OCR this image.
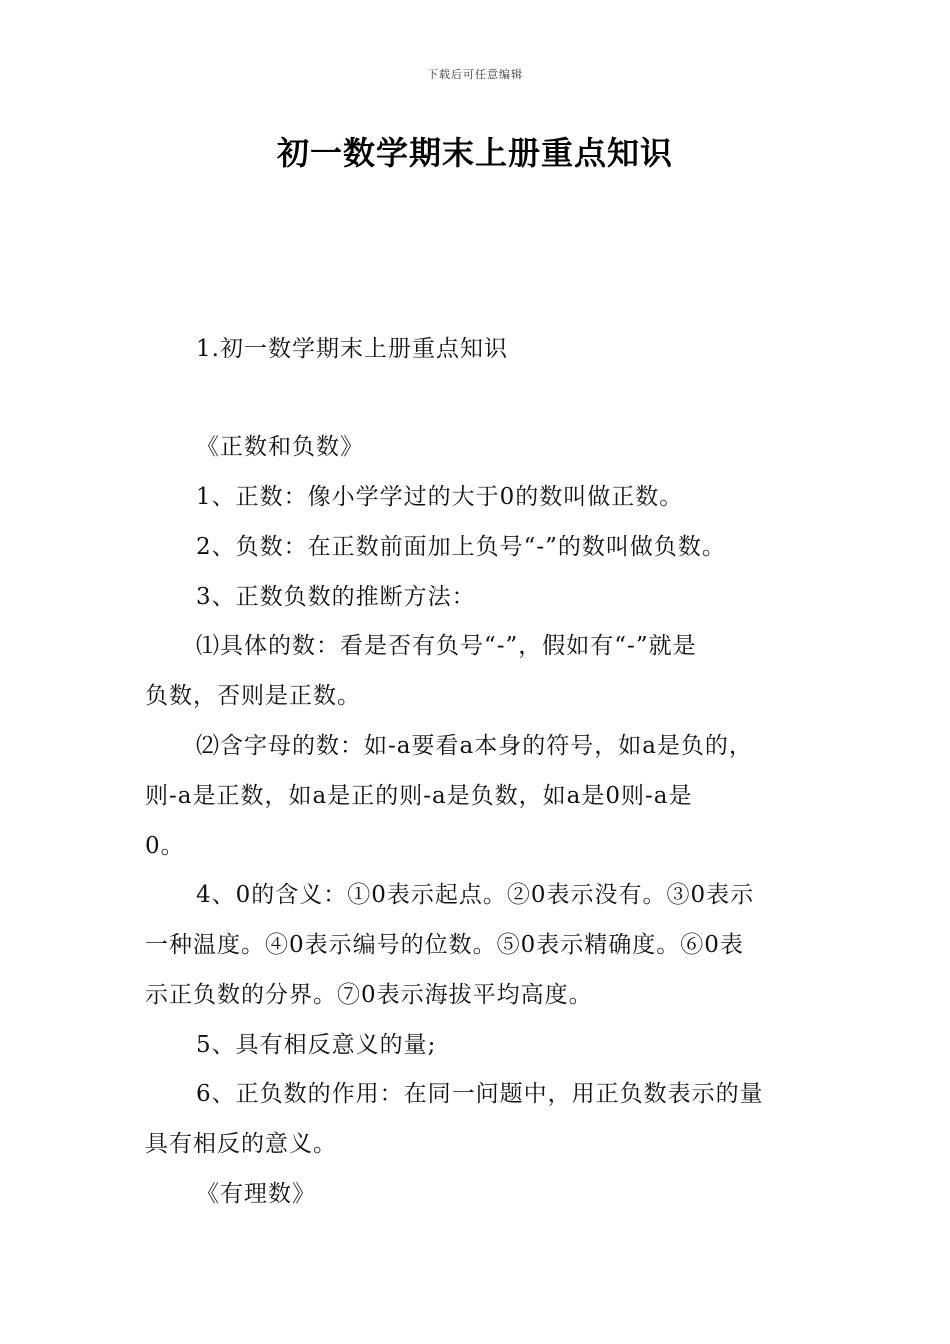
下载后可任意编辑
初一数学期末上册重点知识

1.初一数学期末上册重点知识

《正数和负数》

1、正数：像小学学过的大于0的数叫做正数。

2、负数：在正数前面加上负号“-”的数叫做负数。

3、正数负数的推断方法：

⑴具体的数：看是否有负号“-”，假如有“-”就是

负数，否则是正数。

⑵含字母的数：如-a要看a本身的符号，如a是负的，

则-a是正数，如a是正的则-a是负数，如a是0则-a是

0。

4、0的含义：①0表示起点。②0表示没有。③0表示

一种温度。④0表示编号的位数。⑤0表示精确度。⑥0表

示正负数的分界。⑦0表示海拔平均高度。

5、具有相反意义的量;

6、正负数的作用：在同一问题中，用正负数表示的量

具有相反的意义。

《有理数》
